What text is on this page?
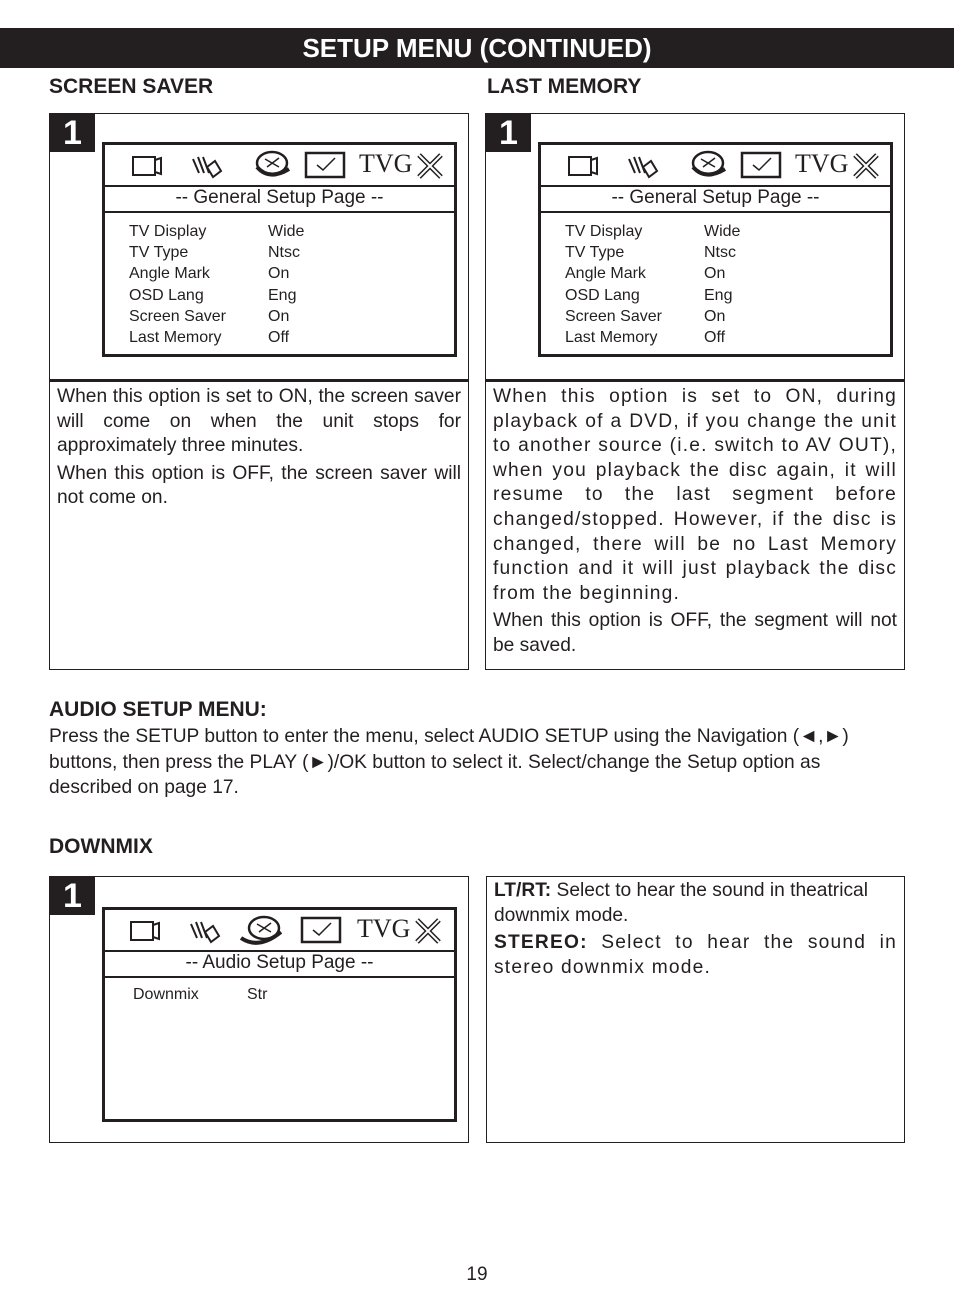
SETUP MENU (CONTINUED)
SCREEN SAVER	LAST MEMORY
1
TVG
-- General Setup Page --
TV Display	Wide
TV Type	Ntsc
Angle Mark	On
OSD Lang	Eng
Screen Saver	On
Last Memory	Off

When this option is set to ON, the screen saver will come on when the unit stops for approximately three minutes.

When this option is OFF, the screen saver will not come on.

1
TVG
-- General Setup Page --
TV Display	Wide
TV Type	Ntsc
Angle Mark	On
OSD Lang	Eng
Screen Saver	On
Last Memory	Off

When this option is set to ON, during playback of a DVD, if you change the unit to another source (i.e. switch to AV OUT), when you playback the disc again, it will resume to the last segment before changed/stopped. However, if the disc is changed, there will be no Last Memory function and it will just playback the disc from the beginning.

When this option is OFF, the segment will not be saved.

AUDIO SETUP MENU:

Press the SETUP button to enter the menu, select AUDIO SETUP using the Navigation (◄,►) buttons, then press the PLAY (►)/OK button to select it. Select/change the Setup option as described on page 17.

DOWNMIX
1
TVG
-- Audio Setup Page --
Downmix	Str

LT/RT: Select to hear the sound in theatrical downmix mode.

STEREO: Select to hear the sound in stereo downmix mode.

19
